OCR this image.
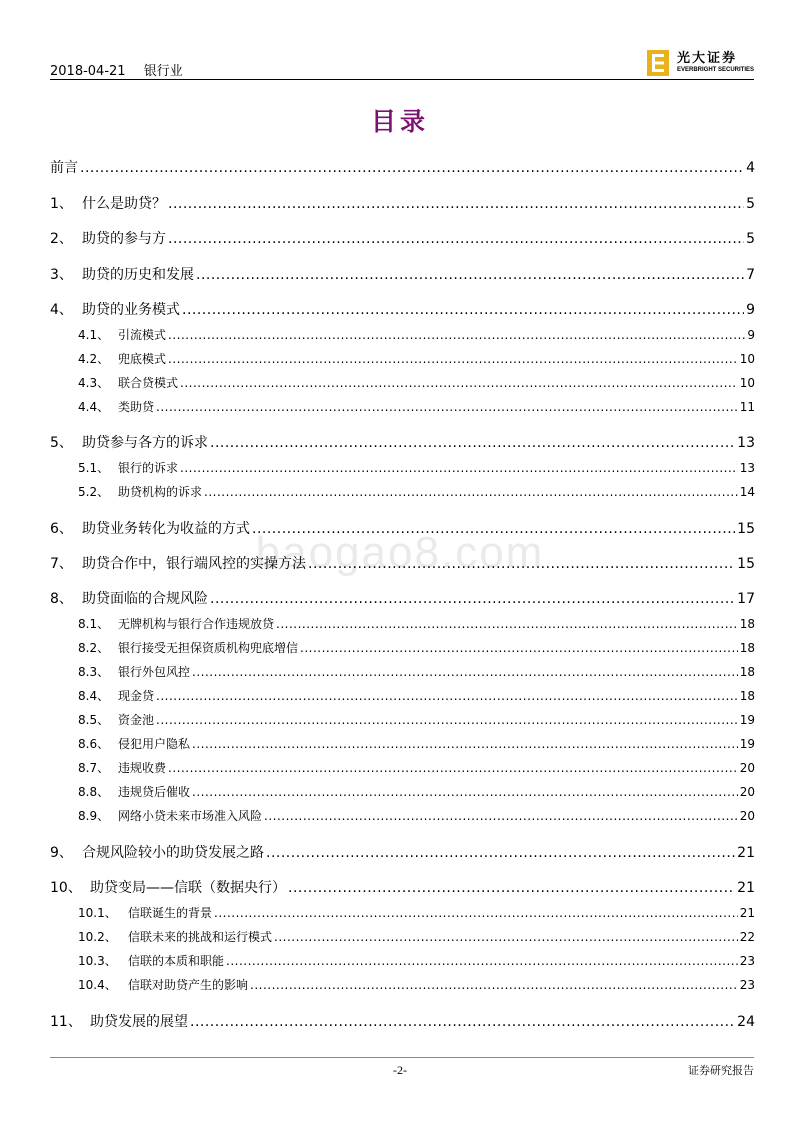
2018-04-21 银行业
光大证券
EVERBRIGHT SECURITIES
目录
baogao8.com
前言 .....	4
1、 什么是助贷？ .....	5
2、 助贷的参与方 .....	5
3、 助贷的历史和发展 .....	7
4、 助贷的业务模式 .....	9
4.1、 引流模式 .....	9
4.2、 兜底模式 .....	10
4.3、 联合贷模式 .....	10
4.4、 类助贷 .....	11
5、 助贷参与各方的诉求 .....	13
5.1、 银行的诉求 .....	13
5.2、 助贷机构的诉求 .....	14
6、 助贷业务转化为收益的方式 .....	15
7、 助贷合作中，银行端风控的实操方法 .....	15
8、 助贷面临的合规风险 .....	17
8.1、 无牌机构与银行合作违规放贷 .....	18
8.2、 银行接受无担保资质机构兜底增信 .....	18
8.3、 银行外包风控 .....	18
8.4、 现金贷 .....	18
8.5、 资金池 .....	19
8.6、 侵犯用户隐私 .....	19
8.7、 违规收费 .....	20
8.8、 违规贷后催收 .....	20
8.9、 网络小贷未来市场准入风险 .....	20
9、 合规风险较小的助贷发展之路 .....	21
10、 助贷变局——信联（数据央行） .....	21
10.1、 信联诞生的背景 .....	21
10.2、 信联未来的挑战和运行模式 .....	22
10.3、 信联的本质和职能 .....	23
10.4、 信联对助贷产生的影响 .....	23
11、 助贷发展的展望 .....	24
-2-	证券研究报告
